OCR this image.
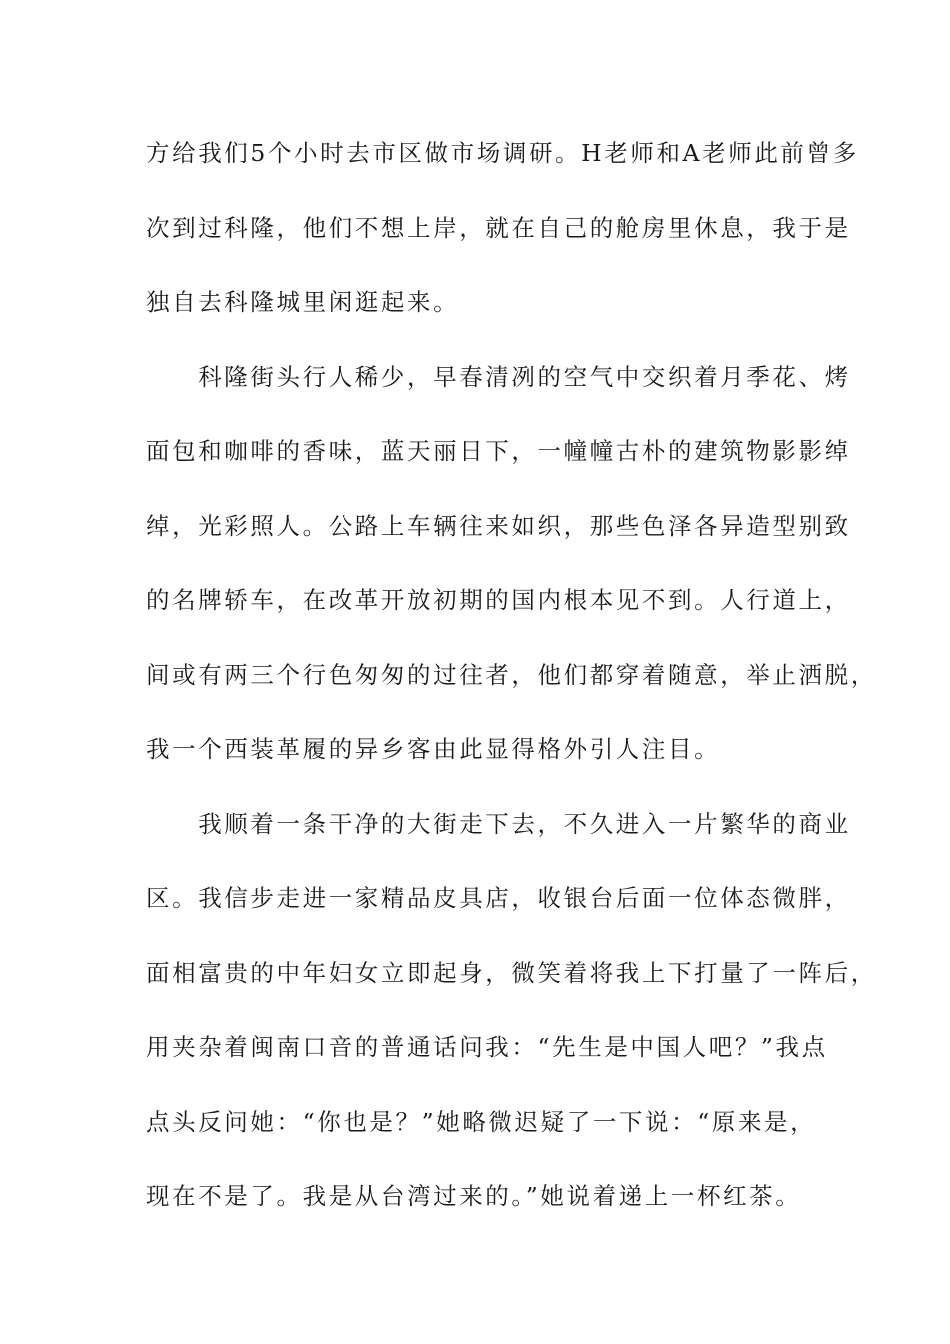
方给我们5个小时去市区做市场调研。H老师和A老师此前曾多
次到过科隆，他们不想上岸，就在自己的舱房里休息，我于是
独自去科隆城里闲逛起来。
　　科隆街头行人稀少，早春清冽的空气中交织着月季花、烤
面包和咖啡的香味，蓝天丽日下，一幢幢古朴的建筑物影影绰
绰，光彩照人。公路上车辆往来如织，那些色泽各异造型别致
的名牌轿车，在改革开放初期的国内根本见不到。人行道上，
间或有两三个行色匆匆的过往者，他们都穿着随意，举止洒脱，
我一个西装革履的异乡客由此显得格外引人注目。
　　我顺着一条干净的大街走下去，不久进入一片繁华的商业
区。我信步走进一家精品皮具店，收银台后面一位体态微胖，
面相富贵的中年妇女立即起身，微笑着将我上下打量了一阵后，
用夹杂着闽南口音的普通话问我：“先生是中国人吧？”我点
点头反问她：“你也是？”她略微迟疑了一下说：“原来是，
现在不是了。我是从台湾过来的。”她说着递上一杯红茶。
